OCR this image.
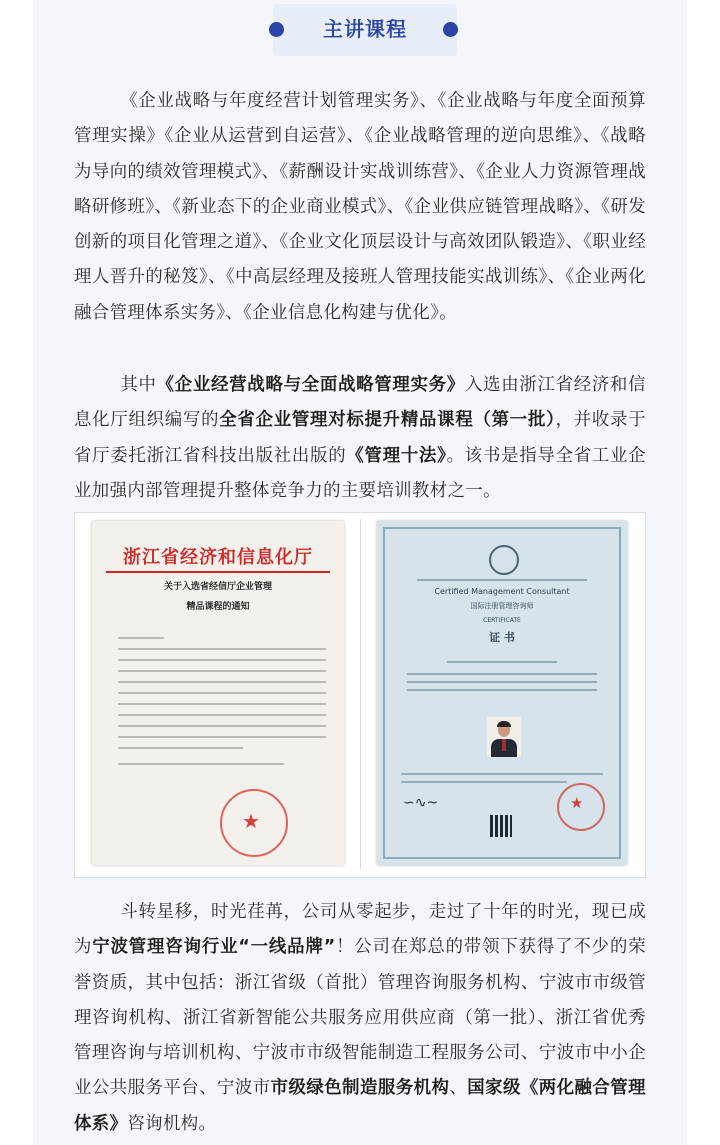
主讲课程

《企业战略与年度经营计划管理实务》、《企业战略与年度全面预算管理实操》《企业从运营到自运营》、《企业战略管理的逆向思维》、《战略为导向的绩效管理模式》、《薪酬设计实战训练营》、《企业人力资源管理战略研修班》、《新业态下的企业商业模式》、《企业供应链管理战略》、《研发创新的项目化管理之道》、《企业文化顶层设计与高效团队锻造》、《职业经理人晋升的秘笈》、《中高层经理及接班人管理技能实战训练》、《企业两化融合管理体系实务》、《企业信息化构建与优化》。

其中《企业经营战略与全面战略管理实务》入选由浙江省经济和信息化厅组织编写的全省企业管理对标提升精品课程（第一批），并收录于省厅委托浙江省科技出版社出版的《管理十法》。该书是指导全省工业企业加强内部管理提升整体竞争力的主要培训教材之一。

浙江省经济和信息化厅
关于入选省经信厅企业管理
精品课程的通知
★
Certified Management Consultant
国际注册管理咨询师
CERTIFICATE
证 书
∽∿~	★

斗转星移，时光荏苒，公司从零起步，走过了十年的时光，现已成为宁波管理咨询行业“一线品牌”！公司在郑总的带领下获得了不少的荣誉资质，其中包括：浙江省级（首批）管理咨询服务机构、宁波市市级管理咨询机构、浙江省新智能公共服务应用供应商（第一批）、浙江省优秀管理咨询与培训机构、宁波市市级智能制造工程服务公司、宁波市中小企业公共服务平台、宁波市市级绿色制造服务机构、国家级《两化融合管理体系》咨询机构。
